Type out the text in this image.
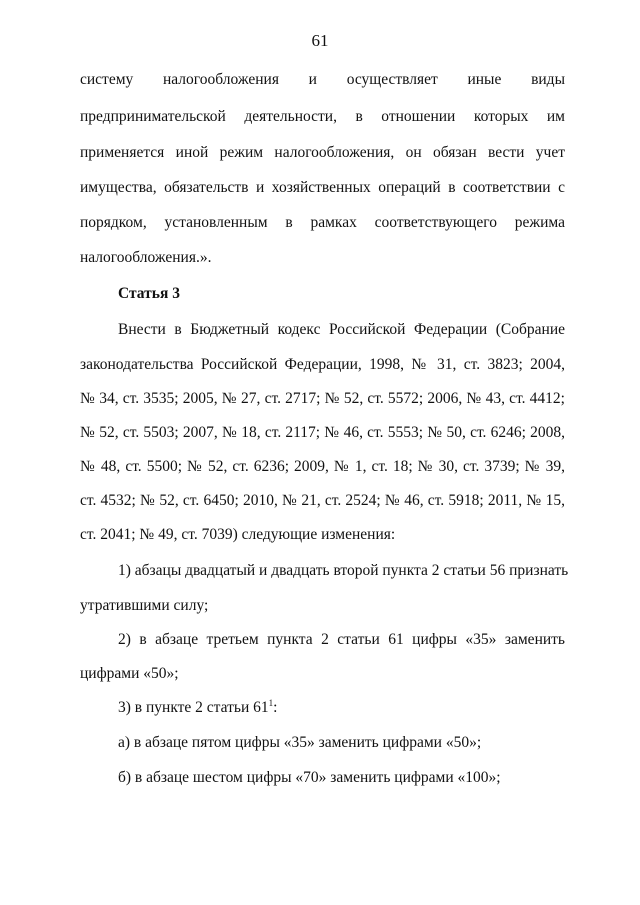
61
систему налогообложения и осуществляет иные виды
предпринимательской деятельности, в отношении которых им
применяется иной режим налогообложения, он обязан вести учет
имущества, обязательств и хозяйственных операций в соответствии с
порядком, установленным в рамках соответствующего режима
налогообложения.».
Статья 3
Внести в Бюджетный кодекс Российской Федерации (Собрание
законодательства Российской Федерации, 1998, № 31, ст. 3823; 2004,
№ 34, ст. 3535; 2005, № 27, ст. 2717; № 52, ст. 5572; 2006, № 43, ст. 4412;
№ 52, ст. 5503; 2007, № 18, ст. 2117; № 46, ст. 5553; № 50, ст. 6246; 2008,
№ 48, ст. 5500; № 52, ст. 6236; 2009, № 1, ст. 18; № 30, ст. 3739; № 39,
ст. 4532; № 52, ст. 6450; 2010, № 21, ст. 2524; № 46, ст. 5918; 2011, № 15,
ст. 2041; № 49, ст. 7039) следующие изменения:
1) абзацы двадцатый и двадцать второй пункта 2 статьи 56 признать
утратившими силу;
2) в абзаце третьем пункта 2 статьи 61 цифры «35» заменить
цифрами «50»;
3) в пункте 2 статьи $61^1$:
а) в абзаце пятом цифры «35» заменить цифрами «50»;
б) в абзаце шестом цифры «70» заменить цифрами «100»;
